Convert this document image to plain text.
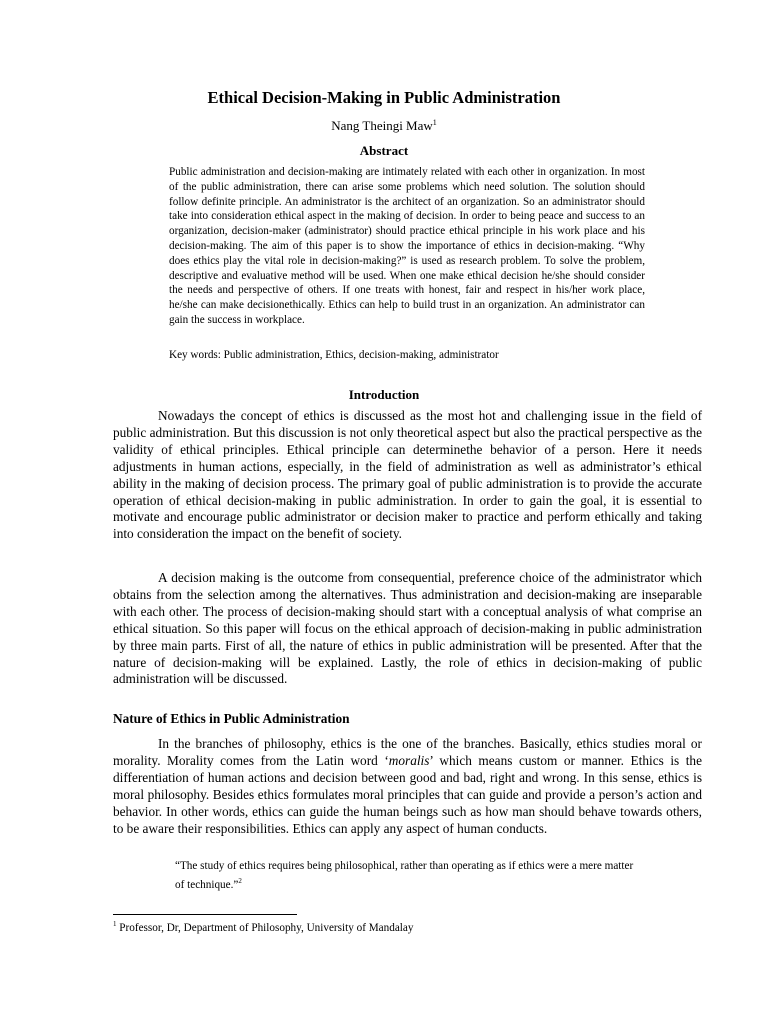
Ethical Decision-Making in Public Administration
Nang Theingi Maw$^1$
Abstract

Public administration and decision-making are intimately related with each other in organization. In most of the public administration, there can arise some problems which need solution. The solution should follow definite principle. An administrator is the architect of an organization. So an administrator should take into consideration ethical aspect in the making of decision. In order to being peace and success to an organization, decision-maker (administrator) should practice ethical principle in his work place and his decision-making. The aim of this paper is to show the importance of ethics in decision-making. “Why does ethics play the vital role in decision-making?” is used as research problem. To solve the problem, descriptive and evaluative method will be used. When one make ethical decision he/she should consider the needs and perspective of others. If one treats with honest, fair and respect in his/her work place, he/she can make decisionethically. Ethics can help to build trust in an organization. An administrator can gain the success in workplace.

Key words: Public administration, Ethics, decision-making, administrator

Introduction

Nowadays the concept of ethics is discussed as the most hot and challenging issue in the field of public administration. But this discussion is not only theoretical aspect but also the practical perspective as the validity of ethical principles. Ethical principle can determinethe behavior of a person. Here it needs adjustments in human actions, especially, in the field of administration as well as administrator’s ethical ability in the making of decision process. The primary goal of public administration is to provide the accurate operation of ethical decision-making in public administration. In order to gain the goal, it is essential to motivate and encourage public administrator or decision maker to practice and perform ethically and taking into consideration the impact on the benefit of society.

A decision making is the outcome from consequential, preference choice of the administrator which obtains from the selection among the alternatives. Thus administration and decision-making are inseparable with each other. The process of decision-making should start with a conceptual analysis of what comprise an ethical situation. So this paper will focus on the ethical approach of decision-making in public administration by three main parts. First of all, the nature of ethics in public administration will be presented. After that the nature of decision-making will be explained. Lastly, the role of ethics in decision-making of public administration will be discussed.

Nature of Ethics in Public Administration

In the branches of philosophy, ethics is the one of the branches. Basically, ethics studies moral or morality. Morality comes from the Latin word ‘moralis’ which means custom or manner. Ethics is the differentiation of human actions and decision between good and bad, right and wrong. In this sense, ethics is moral philosophy. Besides ethics formulates moral principles that can guide and provide a person’s action and behavior. In other words, ethics can guide the human beings such as how man should behave towards others, to be aware their responsibilities. Ethics can apply any aspect of human conducts.

“The study of ethics requires being philosophical, rather than operating as if ethics were a mere matter of technique.”$^2$

$^1$ Professor, Dr, Department of Philosophy, University of Mandalay
